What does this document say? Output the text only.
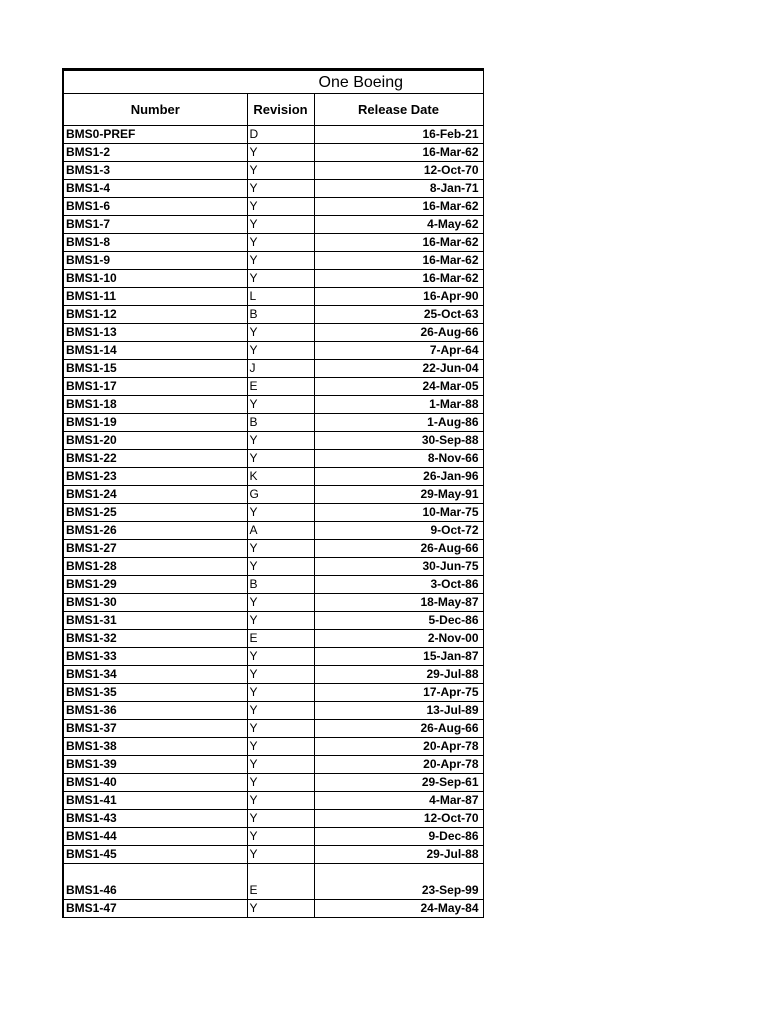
One Boeing		
Number	Revision	Release Date
BMS0-PREF	D	16-Feb-21
BMS1-2	Y	16-Mar-62
BMS1-3	Y	12-Oct-70
BMS1-4	Y	8-Jan-71
BMS1-6	Y	16-Mar-62
BMS1-7	Y	4-May-62
BMS1-8	Y	16-Mar-62
BMS1-9	Y	16-Mar-62
BMS1-10	Y	16-Mar-62
BMS1-11	L	16-Apr-90
BMS1-12	B	25-Oct-63
BMS1-13	Y	26-Aug-66
BMS1-14	Y	7-Apr-64
BMS1-15	J	22-Jun-04
BMS1-17	E	24-Mar-05
BMS1-18	Y	1-Mar-88
BMS1-19	B	1-Aug-86
BMS1-20	Y	30-Sep-88
BMS1-22	Y	8-Nov-66
BMS1-23	K	26-Jan-96
BMS1-24	G	29-May-91
BMS1-25	Y	10-Mar-75
BMS1-26	A	9-Oct-72
BMS1-27	Y	26-Aug-66
BMS1-28	Y	30-Jun-75
BMS1-29	B	3-Oct-86
BMS1-30	Y	18-May-87
BMS1-31	Y	5-Dec-86
BMS1-32	E	2-Nov-00
BMS1-33	Y	15-Jan-87
BMS1-34	Y	29-Jul-88
BMS1-35	Y	17-Apr-75
BMS1-36	Y	13-Jul-89
BMS1-37	Y	26-Aug-66
BMS1-38	Y	20-Apr-78
BMS1-39	Y	20-Apr-78
BMS1-40	Y	29-Sep-61
BMS1-41	Y	4-Mar-87
BMS1-43	Y	12-Oct-70
BMS1-44	Y	9-Dec-86
BMS1-45	Y	29-Jul-88
BMS1-46	E	23-Sep-99
BMS1-47	Y	24-May-84
